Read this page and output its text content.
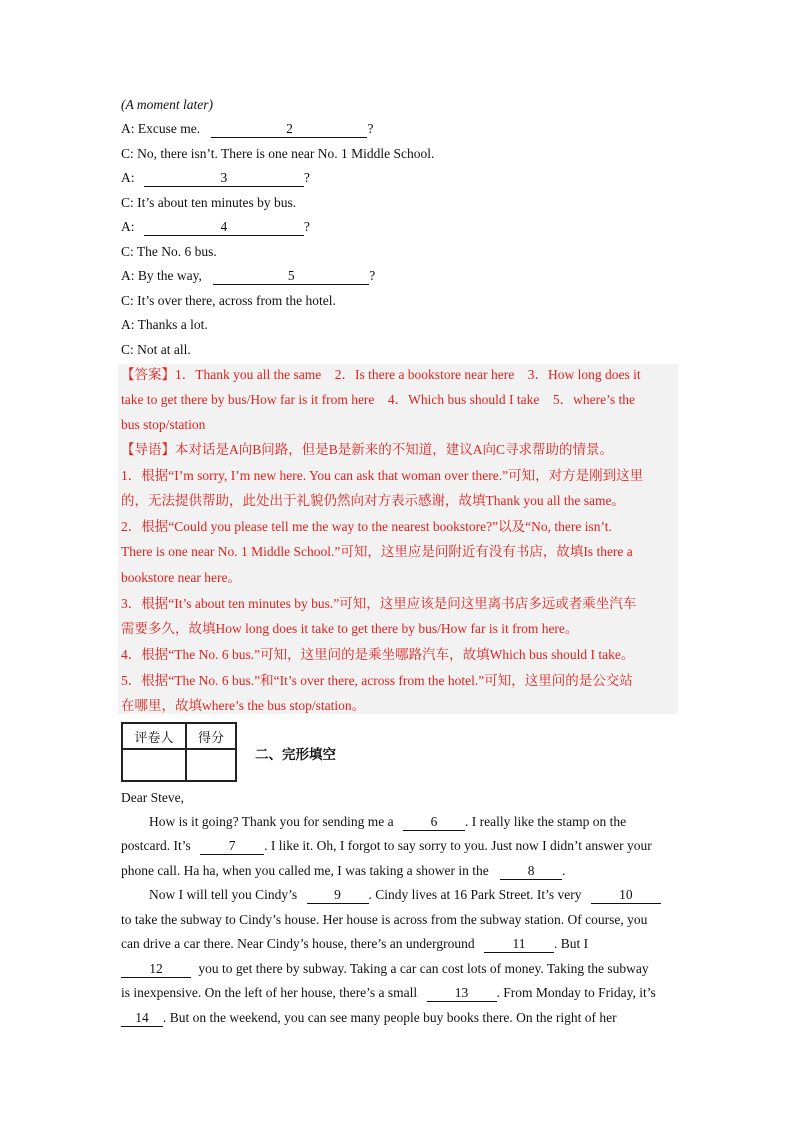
(A moment later)
A: Excuse me.	2	?
C: No, there isn’t. There is one near No. 1 Middle School.
A:	3	?
C: It’s about ten minutes by bus.
A:	4	?
C: The No. 6 bus.
A: By the way,	5	?
C: It’s over there, across from the hotel.
A: Thanks a lot.
C: Not at all.
【答案】1．Thank you all the same　2．Is there a bookstore near here　3．How long does it
take to get there by bus/How far is it from here　4．Which bus should I take　5．where’s the
bus stop/station
【导语】本对话是A向B问路，但是B是新来的不知道，建议A向C寻求帮助的情景。
1．根据“I’m sorry, I’m new here. You can ask that woman over there.”可知，对方是刚到这里
的，无法提供帮助，此处出于礼貌仍然向对方表示感谢，故填Thank you all the same。
2．根据“Could you please tell me the way to the nearest bookstore?”以及“No, there isn’t.
There is one near No. 1 Middle School.”可知，这里应是问附近有没有书店，故填Is there a
bookstore near here。
3．根据“It’s about ten minutes by bus.”可知，这里应该是问这里离书店多远或者乘坐汽车
需要多久，故填How long does it take to get there by bus/How far is it from here。
4．根据“The No. 6 bus.”可知，这里问的是乘坐哪路汽车，故填Which bus should I take。
5．根据“The No. 6 bus.”和“It’s over there, across from the hotel.”可知，这里问的是公交站
在哪里，故填where’s the bus stop/station。
评卷人	得分

二、完形填空
Dear Steve,
How is it going? Thank you for sending me a	6 . I really like the stamp on the
postcard. It’s	7 . I like it. Oh, I forgot to say sorry to you. Just now I didn’t answer your
phone call. Ha ha, when you called me, I was taking a shower in the	8 .
Now I will tell you Cindy’s	9 . Cindy lives at 16 Park Street. It’s very	10
to take the subway to Cindy’s house. Her house is across from the subway station. Of course, you
can drive a car there. Near Cindy’s house, there’s an underground	11 . But I
12	you to get there by subway. Taking a car can cost lots of money. Taking the subway
is inexpensive. On the left of her house, there’s a small	13 . From Monday to Friday, it’s
14 . But on the weekend, you can see many people buy books there. On the right of her
